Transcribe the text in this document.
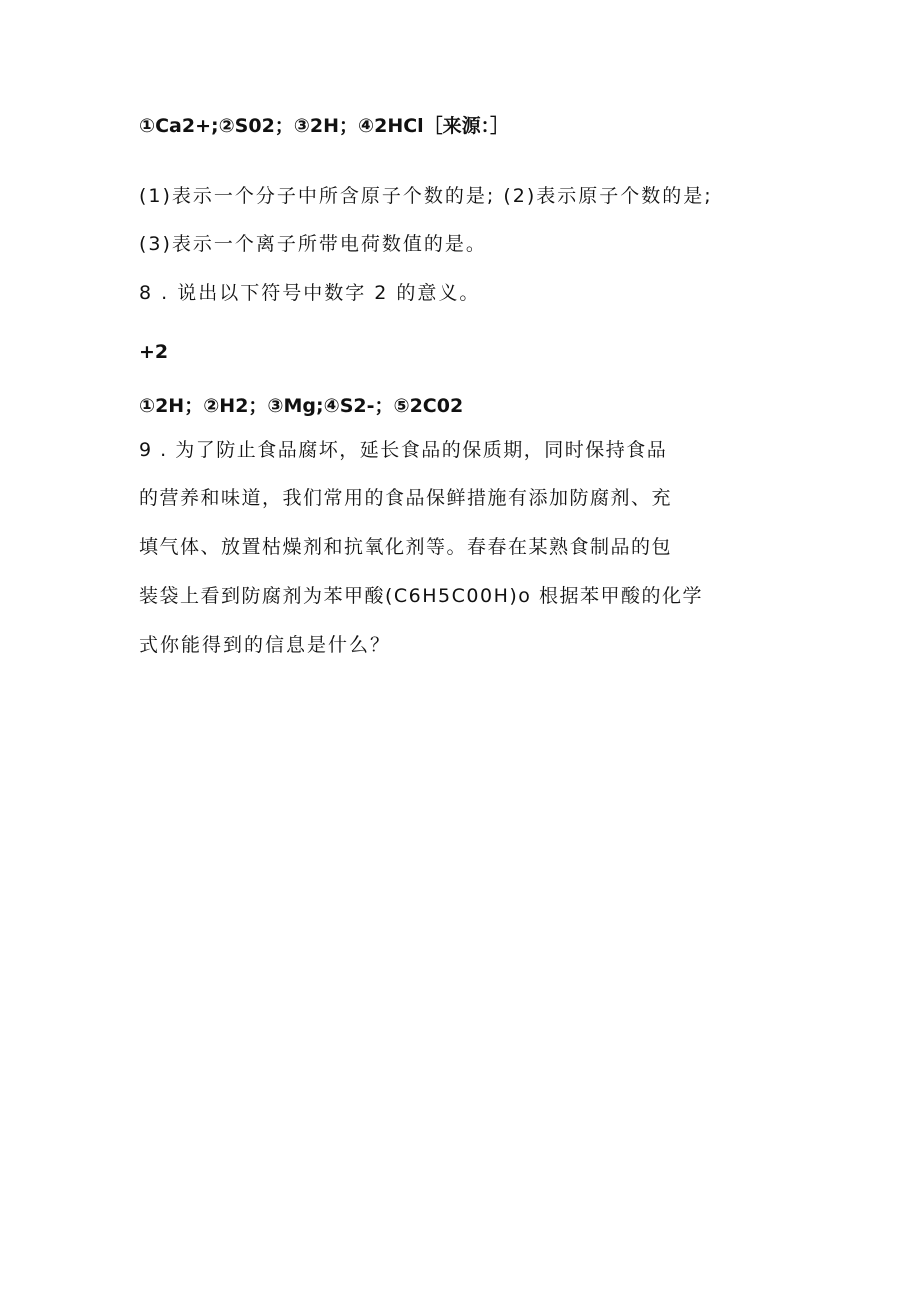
①Ca2+;②S02；③2H；④2HCl［来源：］
(1)表示一个分子中所含原子个数的是; (2)表示原子个数的是;
(3)表示一个离子所带电荷数值的是。
8 . 说出以下符号中数字 2 的意义。
+2
①2H；②H2；③Mg;④S2-；⑤2C02
9 . 为了防止食品腐坏，延长食品的保质期，同时保持食品
的营养和味道，我们常用的食品保鲜措施有添加防腐剂、充
填气体、放置枯燥剂和抗氧化剂等。春春在某熟食制品的包
装袋上看到防腐剂为苯甲酸(C6H5C00H)o 根据苯甲酸的化学
式你能得到的信息是什么？
